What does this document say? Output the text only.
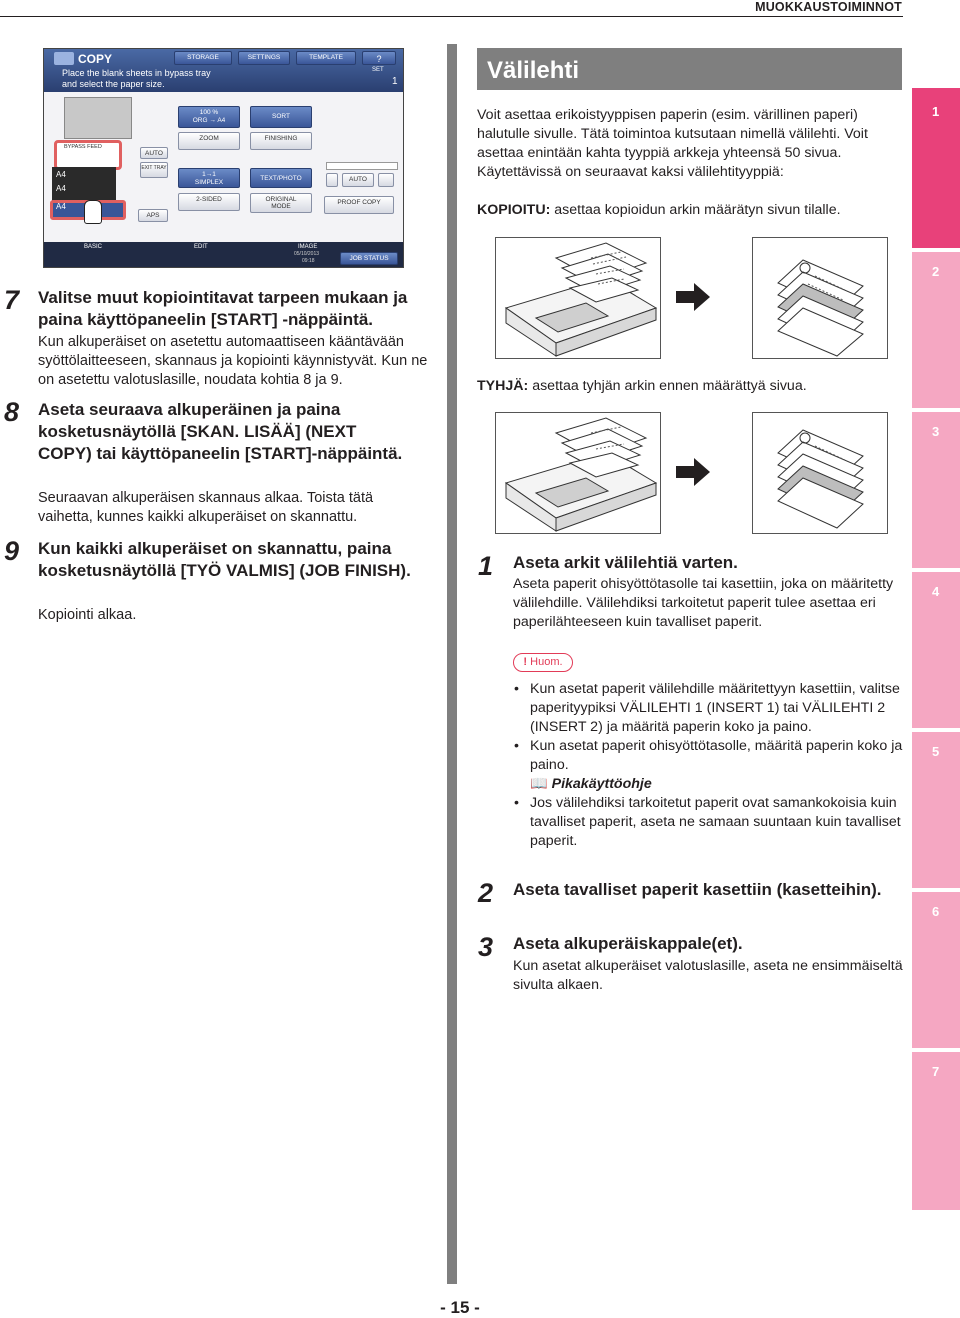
MUOKKAUSTOIMINNOT
1
2
3
4
5
6
7
COPY	STORAGE	SETTINGS	TEMPLATE	?
Place the blank sheets in bypass tray
and select the paper size.
SET
1
BYPASS FEED
AUTO
EXIT TRAY
A4
A4
A4
APS
100 %
ORG → A4
ZOOM
1→1
SIMPLEX
2-SIDED
SORT
FINISHING
TEXT/PHOTO
ORIGINAL
MODE
AUTO
PROOF COPY
BASIC	EDIT	IMAGE
05/10/2013
09:18	JOB STATUS
7 Valitse muut kopiointitavat tarpeen mukaan ja paina käyttöpaneelin [START] -näppäintä.
Kun alkuperäiset on asetettu automaattiseen kääntävään syöttölaitteeseen, skannaus ja kopiointi käynnistyvät. Kun ne on asetettu valotuslasille, noudata kohtia 8 ja 9.
8 Aseta seuraava alkuperäinen ja paina kosketusnäytöllä [SKAN. LISÄÄ] (NEXT COPY) tai käyttöpaneelin [START]-näppäintä.
Seuraavan alkuperäisen skannaus alkaa. Toista tätä vaihetta, kunnes kaikki alkuperäiset on skannattu.
9 Kun kaikki alkuperäiset on skannattu, paina kosketusnäytöllä [TYÖ VALMIS] (JOB FINISH).
Kopiointi alkaa.
Välilehti
Voit asettaa erikoistyyppisen paperin (esim. värillinen paperi) halutulle sivulle. Tätä toimintoa kutsutaan nimellä välilehti. Voit asettaa enintään kahta tyyppiä arkkeja yhteensä 50 sivua. Käytettävissä on seuraavat kaksi välilehtityyppiä:
KOPIOITU: asettaa kopioidun arkin määrätyn sivun tilalle.
TYHJÄ: asettaa tyhjän arkin ennen määrättyä sivua.
1 Aseta arkit välilehtiä varten.
Aseta paperit ohisyöttötasolle tai kasettiin, joka on määritetty välilehdille. Välilehdiksi tarkoitetut paperit tulee asettaa eri paperilähteeseen kuin tavalliset paperit.
! Huom.
• Kun asetat paperit välilehdille määritettyyn kasettiin, valitse paperityypiksi VÄLILEHTI 1 (INSERT 1) tai VÄLILEHTI 2 (INSERT 2) ja määritä paperin koko ja paino.
• Kun asetat paperit ohisyöttötasolle, määritä paperin koko ja paino.
📖 Pikakäyttöohje
• Jos välilehdiksi tarkoitetut paperit ovat samankokoisia kuin tavalliset paperit, aseta ne samaan suuntaan kuin tavalliset paperit.
2 Aseta tavalliset paperit kasettiin (kasetteihin).
3 Aseta alkuperäiskappale(et).
Kun asetat alkuperäiset valotuslasille, aseta ne ensimmäiseltä sivulta alkaen.
- 15 -
